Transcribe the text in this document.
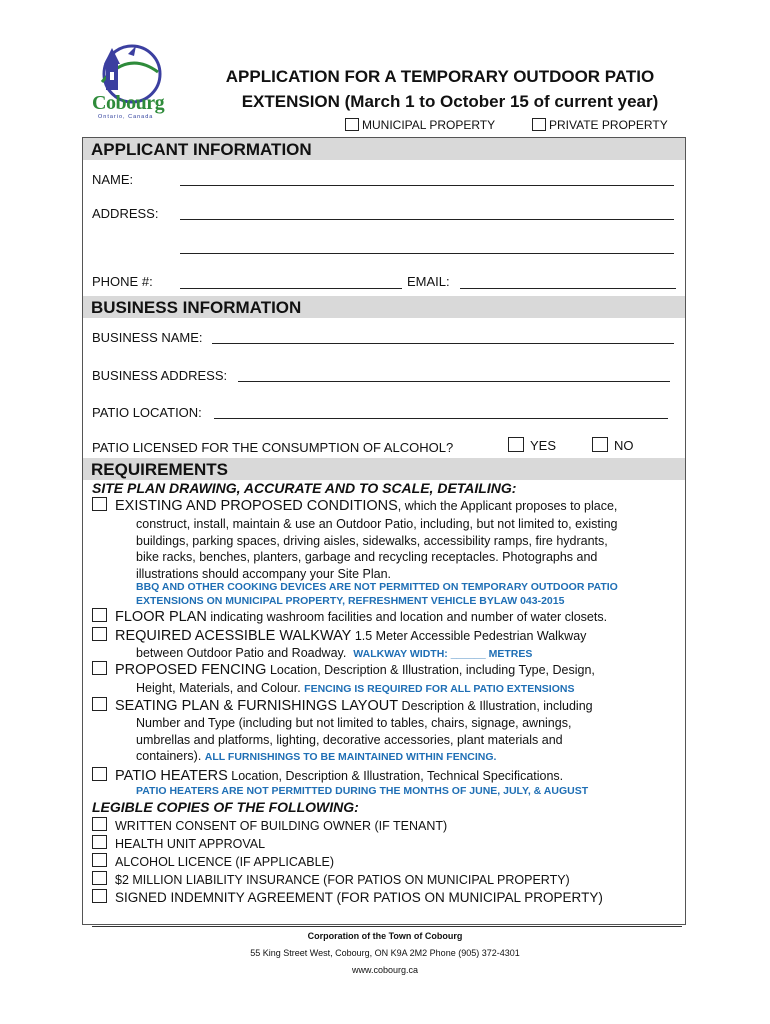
Cobourg
Ontario, Canada
APPLICATION FOR A TEMPORARY OUTDOOR PATIO
EXTENSION (March 1 to October 15 of current year)
MUNICIPAL PROPERTY	PRIVATE PROPERTY
APPLICANT INFORMATION
NAME:
ADDRESS:
PHONE #:	EMAIL:
BUSINESS INFORMATION
BUSINESS NAME:
BUSINESS ADDRESS:
PATIO LOCATION:
PATIO LICENSED FOR THE CONSUMPTION OF ALCOHOL?	YES	NO
REQUIREMENTS
SITE PLAN DRAWING, ACCURATE AND TO SCALE, DETAILING:
EXISTING AND PROPOSED CONDITIONS, which the Applicant proposes to place,
construct, install, maintain & use an Outdoor Patio, including, but not limited to, existing
buildings, parking spaces, driving aisles, sidewalks, accessibility ramps, fire hydrants,
bike racks, benches, planters, garbage and recycling receptacles. Photographs and
illustrations should accompany your Site Plan.
BBQ AND OTHER COOKING DEVICES ARE NOT PERMITTED ON TEMPORARY OUTDOOR PATIO
EXTENSIONS ON MUNICIPAL PROPERTY, REFRESHMENT VEHICLE BYLAW 043-2015
FLOOR PLAN indicating washroom facilities and location and number of water closets.
REQUIRED ACESSIBLE WALKWAY 1.5 Meter Accessible Pedestrian Walkway
between Outdoor Patio and Roadway. WALKWAY WIDTH: ______ METRES
PROPOSED FENCING Location, Description & Illustration, including Type, Design,
Height, Materials, and Colour. FENCING IS REQUIRED FOR ALL PATIO EXTENSIONS
SEATING PLAN & FURNISHINGS LAYOUT Description & Illustration, including
Number and Type (including but not limited to tables, chairs, signage, awnings,
umbrellas and platforms, lighting, decorative accessories, plant materials and
containers). ALL FURNISHINGS TO BE MAINTAINED WITHIN FENCING.
PATIO HEATERS Location, Description & Illustration, Technical Specifications.
PATIO HEATERS ARE NOT PERMITTED DURING THE MONTHS OF JUNE, JULY, & AUGUST
LEGIBLE COPIES OF THE FOLLOWING:
WRITTEN CONSENT OF BUILDING OWNER (IF TENANT)
HEALTH UNIT APPROVAL
ALCOHOL LICENCE (IF APPLICABLE)
$2 MILLION LIABILITY INSURANCE (FOR PATIOS ON MUNICIPAL PROPERTY)
SIGNED INDEMNITY AGREEMENT (FOR PATIOS ON MUNICIPAL PROPERTY)
Corporation of the Town of Cobourg
55 King Street West, Cobourg, ON K9A 2M2 Phone (905) 372-4301
www.cobourg.ca
